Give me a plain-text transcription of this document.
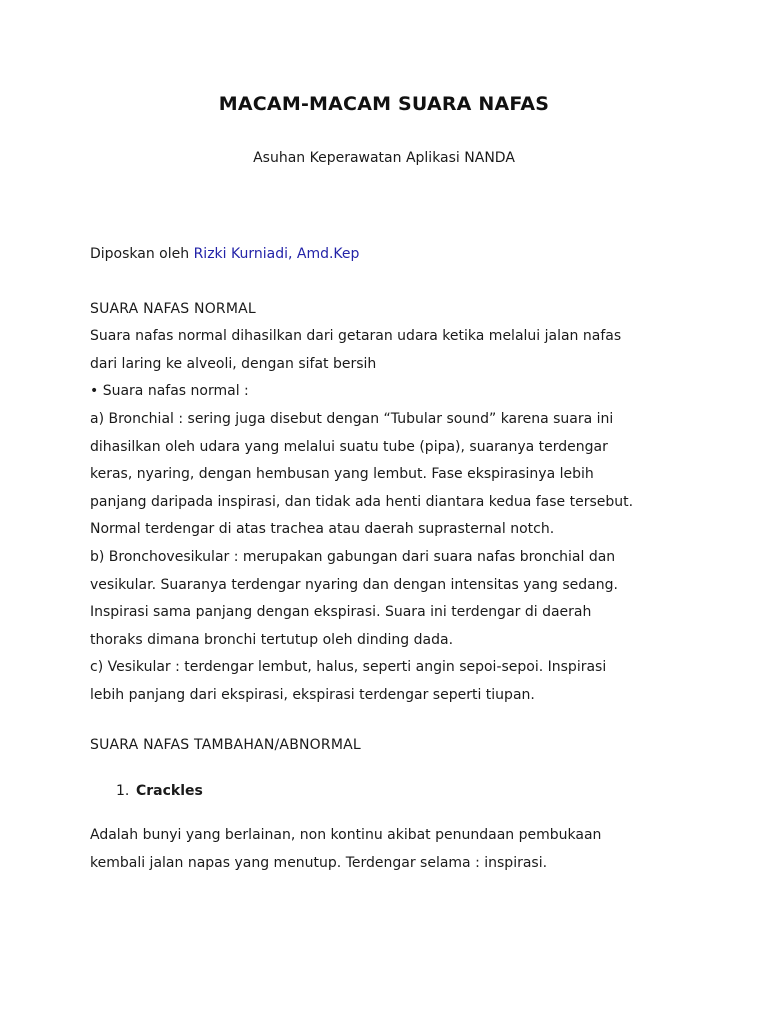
MACAM-MACAM SUARA NAFAS

Asuhan Keperawatan Aplikasi NANDA

Diposkan oleh Rizki Kurniadi, Amd.Kep
SUARA NAFAS NORMAL
Suara nafas normal dihasilkan dari getaran udara ketika melalui jalan nafas
dari laring ke alveoli, dengan sifat bersih
• Suara nafas normal :
a) Bronchial : sering juga disebut dengan “Tubular sound” karena suara ini
dihasilkan oleh udara yang melalui suatu tube (pipa), suaranya terdengar
keras, nyaring, dengan hembusan yang lembut. Fase ekspirasinya lebih
panjang daripada inspirasi, dan tidak ada henti diantara kedua fase tersebut.
Normal terdengar di atas trachea atau daerah suprasternal notch.
b) Bronchovesikular : merupakan gabungan dari suara nafas bronchial dan
vesikular. Suaranya terdengar nyaring dan dengan intensitas yang sedang.
Inspirasi sama panjang dengan ekspirasi. Suara ini terdengar di daerah
thoraks dimana bronchi tertutup oleh dinding dada.
c) Vesikular : terdengar lembut, halus, seperti angin sepoi-sepoi. Inspirasi
lebih panjang dari ekspirasi, ekspirasi terdengar seperti tiupan.
SUARA NAFAS TAMBAHAN/ABNORMAL
1. Crackles
Adalah bunyi yang berlainan, non kontinu akibat penundaan pembukaan
kembali jalan napas yang menutup. Terdengar selama : inspirasi.
